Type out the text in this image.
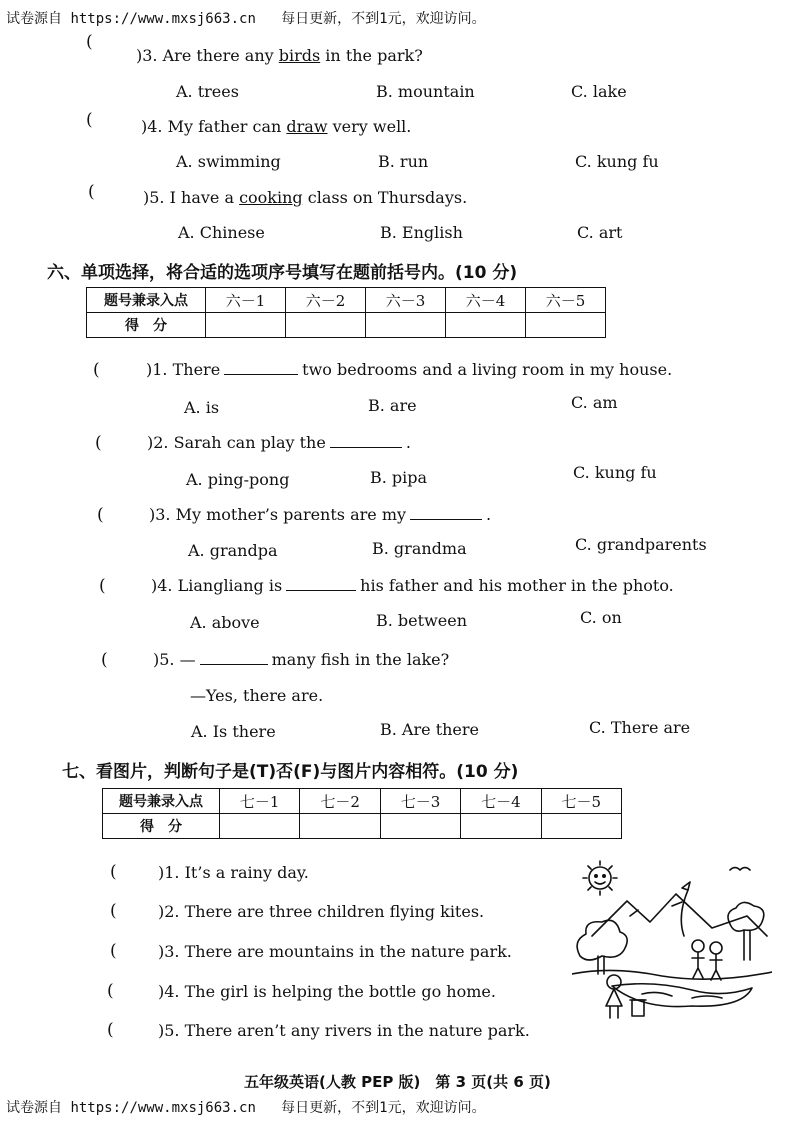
试卷源自 https://www.mxsj663.cn 每日更新，不到1元，欢迎访问。
(
)3. Are there any birds in the park?
A. trees	B. mountain	C. lake
(	)4. My father can draw very well.
A. swimming	B. run	C. kung fu
(	)5. I have a cooking class on Thursdays.
A. Chinese	B. English	C. art
六、单项选择，将合适的选项序号填写在题前括号内。(10 分)
题号兼录入点	六－1	六－2	六－3	六－4	六－5
得　分					
(	)1. There	two bedrooms and a living room in my house.
A. is	B. are	C. am
(	)2. Sarah can play the	.
A. ping-pong	B. pipa	C. kung fu
(	)3. My mother’s parents are my	.
A. grandpa	B. grandma	C. grandparents
(	)4. Liangliang is	his father and his mother in the photo.
A. above	B. between	C. on
(	)5. —	many fish in the lake?
—Yes, there are.
A. Is there	B. Are there	C. There are
七、看图片，判断句子是(T)否(F)与图片内容相符。(10 分)
题号兼录入点	七－1	七－2	七－3	七－4	七－5
得　分					
(	)1. It’s a rainy day.
(	)2. There are three children flying kites.
(	)3. There are mountains in the nature park.
(	)4. The girl is helping the bottle go home.
(	)5. There aren’t any rivers in the nature park.
五年级英语(人教 PEP 版)　第 3 页(共 6 页)
试卷源自 https://www.mxsj663.cn 每日更新，不到1元，欢迎访问。
